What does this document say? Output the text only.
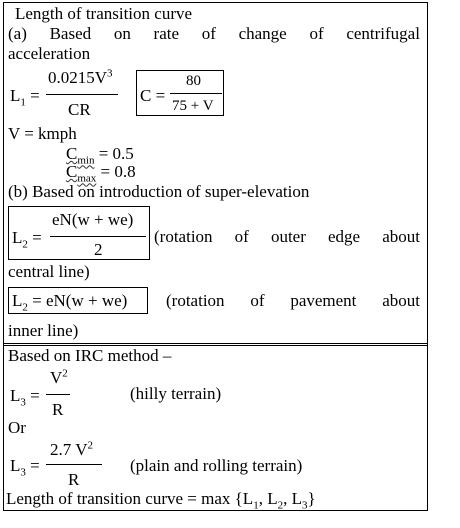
Length of transition curve
(a) Based on rate of change of centrifugal
acceleration
$L_1$ =
$0.0215V^3$
CR
C =
80
75 + V
V = kmph
$C_{min} = 0.5$
$C_{max} = 0.8$
(b) Based on introduction of super-elevation
$L_2$ =
eN(w + we)
2
(rotation of outer edge about
central line)
$L_2 = eN(w + we)$ (rotation of pavement about
inner line)
Based on IRC method –
$L_3$ =
$V^2$
R
(hilly terrain)
Or
$L_3$ =
2.7 $V^2$
R
(plain and rolling terrain)
Length of transition curve = $\max \{L_1$, $L_2$, $L_3$}
